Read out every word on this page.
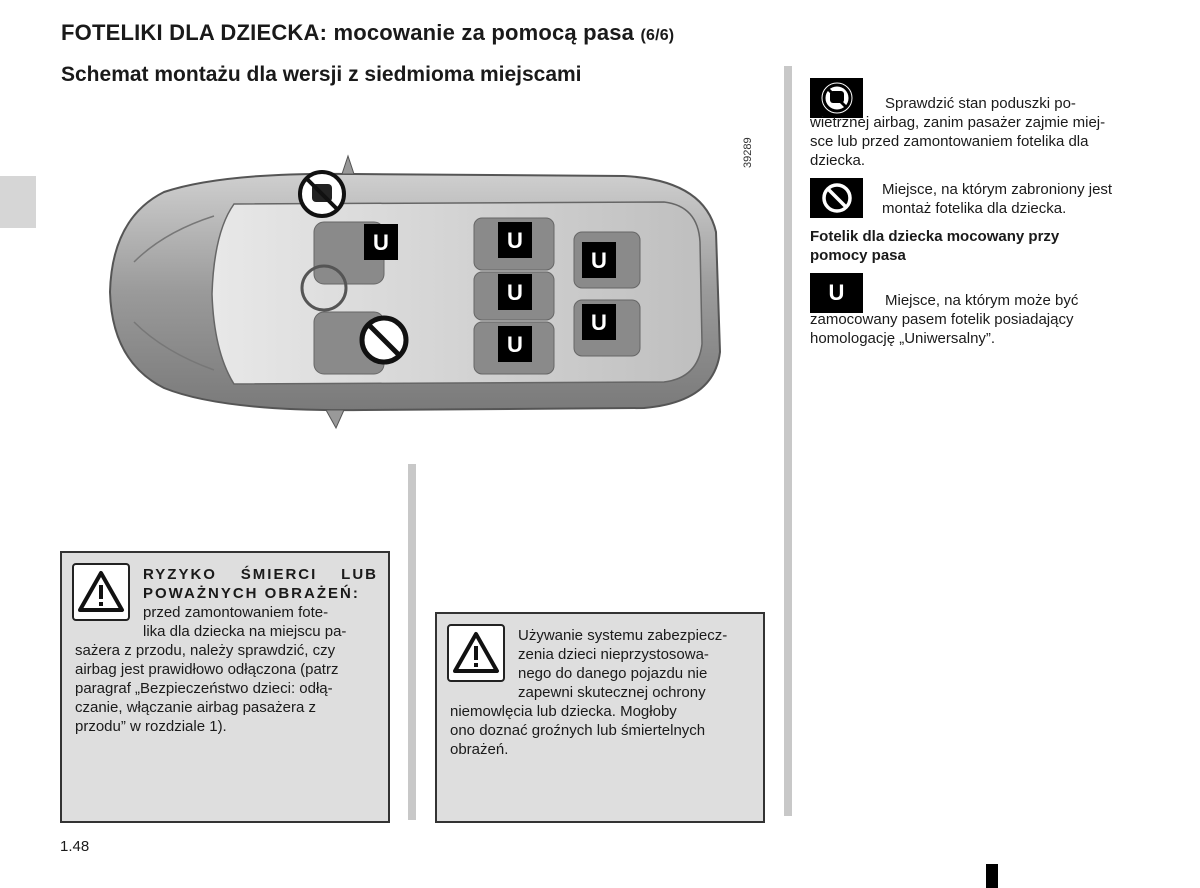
FOTELIKI DLA DZIECKA: mocowanie za pomocą pasa (6/6)
Schemat montażu dla wersji z siedmioma miejscami
39289
U	U
U
U
U
U
RYZYKO ŚMIERCI LUB POWAŻNYCH OBRAŻEŃ:
przed zamontowaniem fote-
lika dla dziecka na miejscu pa-
sażera z przodu, należy sprawdzić, czy
airbag jest prawidłowo odłączona (patrz
paragraf „Bezpieczeństwo dzieci: odłą-
czanie, włączanie airbag pasażera z
przodu” w rozdziale 1).
Używanie systemu zabezpiecz-
zenia dzieci nieprzystosowa-
nego do danego pojazdu nie
zapewni skutecznej ochrony
niemowlęcia lub dziecka. Mogłoby
ono doznać groźnych lub śmiertelnych
obrażeń.
Sprawdzić stan poduszki po-
wietrznej airbag, zanim pasażer zajmie miej-
sce lub przed zamontowaniem fotelika dla
dziecka.
Miejsce, na którym zabroniony jest
montaż fotelika dla dziecka.
Fotelik dla dziecka mocowany przy
pomocy pasa
U	Miejsce, na którym może być
zamocowany pasem fotelik posiadający
homologację „Uniwersalny”.
1.48
